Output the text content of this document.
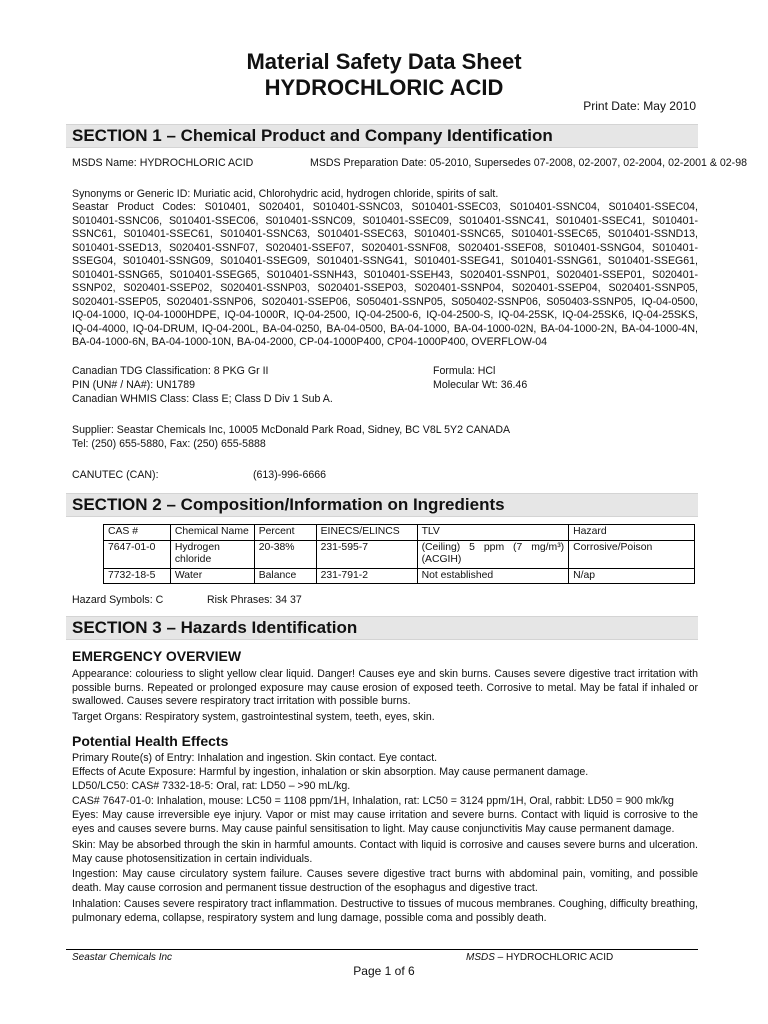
Material Safety Data Sheet
HYDROCHLORIC ACID
Print Date: May 2010
SECTION 1 – Chemical Product and Company Identification
MSDS Name: HYDROCHLORIC ACID	MSDS Preparation Date: 05-2010, Supersedes 07-2008, 02-2007, 02-2004, 02-2001 & 02-98
Synonyms or Generic ID: Muriatic acid, Chlorohydric acid, hydrogen chloride, spirits of salt.
Seastar Product Codes: S010401, S020401, S010401-SSNC03, S010401-SSEC03, S010401-SSNC04, S010401-SSEC04, S010401-SSNC06, S010401-SSEC06, S010401-SSNC09, S010401-SSEC09, S010401-SSNC41, S010401-SSEC41, S010401-SSNC61, S010401-SSEC61, S010401-SSNC63, S010401-SSEC63, S010401-SSNC65, S010401-SSEC65, S010401-SSND13, S010401-SSED13, S020401-SSNF07, S020401-SSEF07, S020401-SSNF08, S020401-SSEF08, S010401-SSNG04, S010401-SSEG04, S010401-SSNG09, S010401-SSEG09, S010401-SSNG41, S010401-SSEG41, S010401-SSNG61, S010401-SSEG61, S010401-SSNG65, S010401-SSEG65, S010401-SSNH43, S010401-SSEH43, S020401-SSNP01, S020401-SSEP01, S020401-SSNP02, S020401-SSEP02, S020401-SSNP03, S020401-SSEP03, S020401-SSNP04, S020401-SSEP04, S020401-SSNP05, S020401-SSEP05, S020401-SSNP06, S020401-SSEP06, S050401-SSNP05, S050402-SSNP06, S050403-SSNP05, IQ-04-0500, IQ-04-1000, IQ-04-1000HDPE, IQ-04-1000R, IQ-04-2500, IQ-04-2500-6, IQ-04-2500-S, IQ-04-25SK, IQ-04-25SK6, IQ-04-25SKS, IQ-04-4000, IQ-04-DRUM, IQ-04-200L, BA-04-0250, BA-04-0500, BA-04-1000, BA-04-1000-02N, BA-04-1000-2N, BA-04-1000-4N, BA-04-1000-6N, BA-04-1000-10N, BA-04-2000, CP-04-1000P400, CP04-1000P400, OVERFLOW-04
Canadian TDG Classification: 8 PKG Gr II	Formula: HCl
PIN (UN# / NA#): UN1789	Molecular Wt: 36.46
Canadian WHMIS Class: Class E; Class D Div 1 Sub A.
Supplier: Seastar Chemicals Inc, 10005 McDonald Park Road, Sidney, BC V8L 5Y2 CANADA
Tel: (250) 655-5880, Fax: (250) 655-5888
CANUTEC (CAN):	(613)-996-6666
SECTION 2 – Composition/Information on Ingredients
CAS #	Chemical Name	Percent	EINECS/ELINCS	TLV	Hazard
7647-01-0	Hydrogen chloride	20-38%	231-595-7	(Ceiling) 5 ppm (7 mg/m³) (ACGIH)	Corrosive/Poison
7732-18-5	Water	Balance	231-791-2	Not established	N/ap
Hazard Symbols: C	Risk Phrases: 34 37
SECTION 3 – Hazards Identification
EMERGENCY OVERVIEW
Appearance: colouriess to slight yellow clear liquid. Danger! Causes eye and skin burns. Causes severe digestive tract irritation with possible burns. Repeated or prolonged exposure may cause erosion of exposed teeth. Corrosive to metal. May be fatal if inhaled or swallowed. Causes severe respiratory tract irritation with possible burns.
Target Organs: Respiratory system, gastrointestinal system, teeth, eyes, skin.
Potential Health Effects
Primary Route(s) of Entry: Inhalation and ingestion. Skin contact. Eye contact.
Effects of Acute Exposure: Harmful by ingestion, inhalation or skin absorption. May cause permanent damage.
LD50/LC50: CAS# 7332-18-5: Oral, rat: LD50 – >90 mL/kg.
CAS# 7647-01-0: Inhalation, mouse: LC50 = 1108 ppm/1H, Inhalation, rat: LC50 = 3124 ppm/1H, Oral, rabbit: LD50 = 900 mk/kg
Eyes: May cause irreversible eye injury. Vapor or mist may cause irritation and severe burns. Contact with liquid is corrosive to the eyes and causes severe burns. May cause painful sensitisation to light. May cause conjunctivitis May cause permanent damage.
Skin: May be absorbed through the skin in harmful amounts. Contact with liquid is corrosive and causes severe burns and ulceration. May cause photosensitization in certain individuals.
Ingestion: May cause circulatory system failure. Causes severe digestive tract burns with abdominal pain, vomiting, and possible death. May cause corrosion and permanent tissue destruction of the esophagus and digestive tract.
Inhalation: Causes severe respiratory tract inflammation. Destructive to tissues of mucous membranes. Coughing, difficulty breathing, pulmonary edema, collapse, respiratory system and lung damage, possible coma and possibly death.
Seastar Chemicals Inc	MSDS – HYDROCHLORIC ACID
Page 1 of 6
